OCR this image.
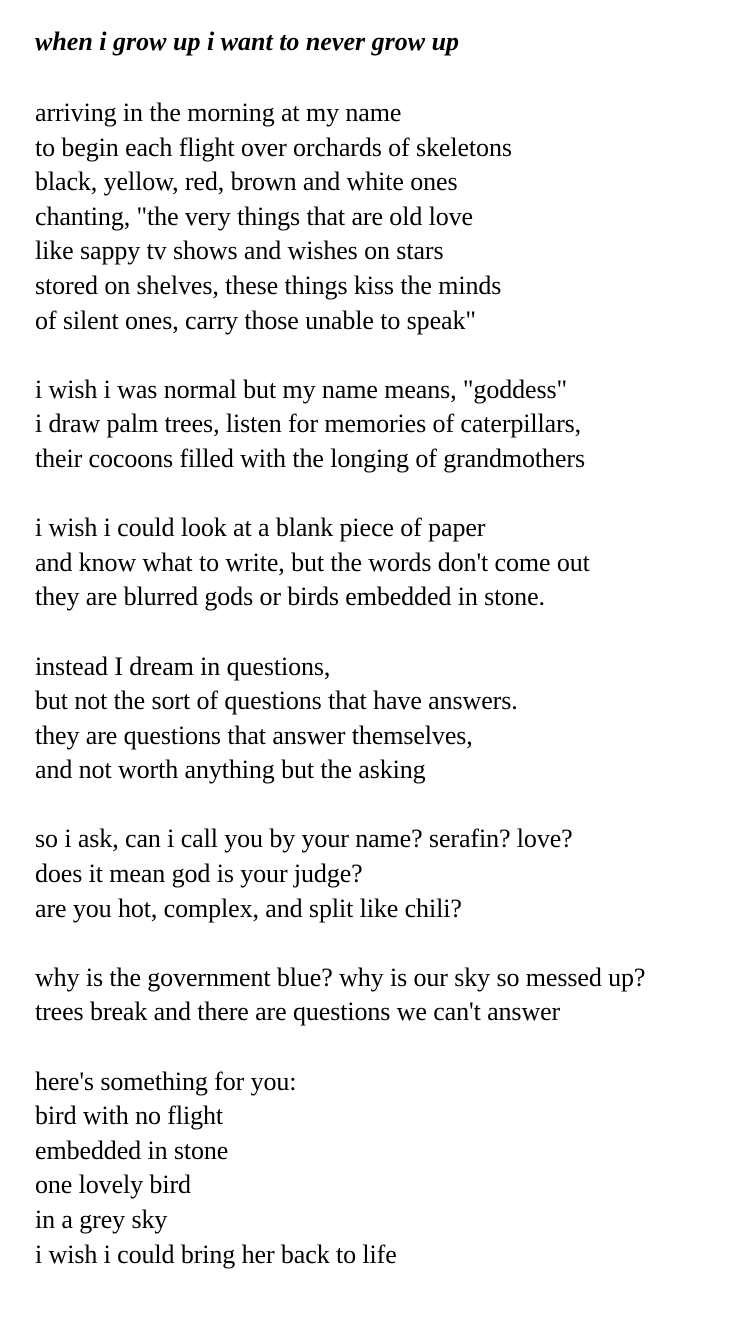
when i grow up i want to never grow up
arriving in the morning at my name
to begin each flight over orchards of skeletons
black, yellow, red, brown and white ones
chanting, "the very things that are old love
like sappy tv shows and wishes on stars
stored on shelves, these things kiss the minds
of silent ones, carry those unable to speak"
i wish i was normal but my name means, "goddess"
i draw palm trees, listen for memories of caterpillars,
their cocoons filled with the longing of grandmothers
i wish i could look at a blank piece of paper
and know what to write, but the words don't come out
they are blurred gods or birds embedded in stone.
instead I dream in questions,
but not the sort of questions that have answers.
they are questions that answer themselves,
and not worth anything but the asking
so i ask, can i call you by your name? serafin? love?
does it mean god is your judge?
are you hot, complex, and split like chili?
why is the government blue? why is our sky so messed up?
trees break and there are questions we can't answer
here's something for you:
bird with no flight
embedded in stone
one lovely bird
in a grey sky
i wish i could bring her back to life
